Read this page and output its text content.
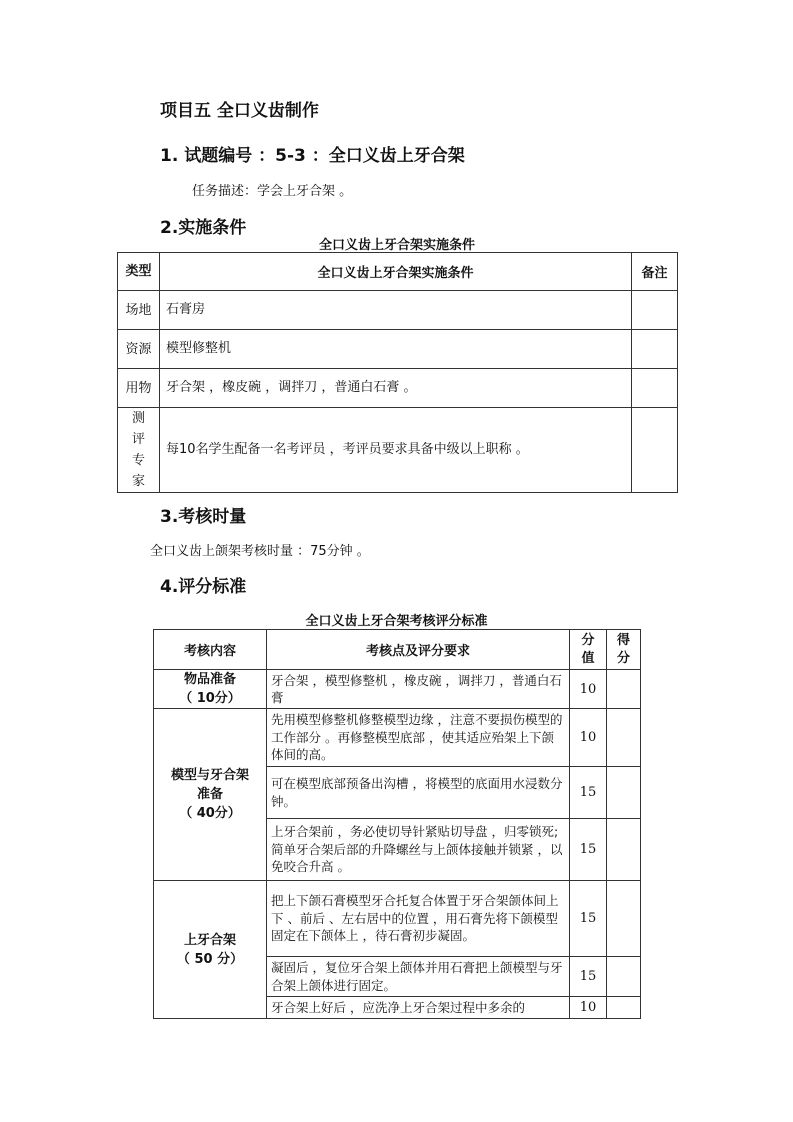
项目五 全口义齿制作
1. 试题编号 ：5-3 ：全口义齿上牙合架
任务描述：学会上牙合架 。
2.实施条件
全口义齿上牙合架实施条件
类型	全口义齿上牙合架实施条件	备注
场地	石膏房	
资源	模型修整机	
用物	牙合架 ，橡皮碗 ，调拌刀 ，普通白石膏 。	
测评专家	每10名学生配备一名考评员 ，考评员要求具备中级以上职称 。	
3.考核时量
全口义齿上颌架考核时量 ：75分钟 。
4.评分标准
全口义齿上牙合架考核评分标准
考核内容	考核点及评分要求	分值	得分

物品准备
（ 10分）	牙合架 ，模型修整机 ，橡皮碗 ，调拌刀 ，普通白石膏	10	

模型与牙合架准备
（ 40分）	先用模型修整机修整模型边缘 ，注意不要损伤模型的工作部分 。再修整模型底部 ，使其适应殆架上下颌体间的高。	10	
	可在模型底部预备出沟槽 ，将模型的底面用水浸数分钟。	15	
	上牙合架前 ，务必使切导针紧贴切导盘 ，归零锁死;简单牙合架后部的升降螺丝与上颌体接触并锁紧 ，以免咬合升高 。	15	

上牙合架
（ 50 分）	把上下颌石膏模型牙合托复合体置于牙合架颌体间上下 、前后 、左右居中的位置 ，用石膏先将下颌模型固定在下颌体上 ，待石膏初步凝固。	15	
	凝固后 ，复位牙合架上颌体并用石膏把上颌模型与牙合架上颌体进行固定。	15	
	牙合架上好后 ，应洗净上牙合架过程中多余的	10	
